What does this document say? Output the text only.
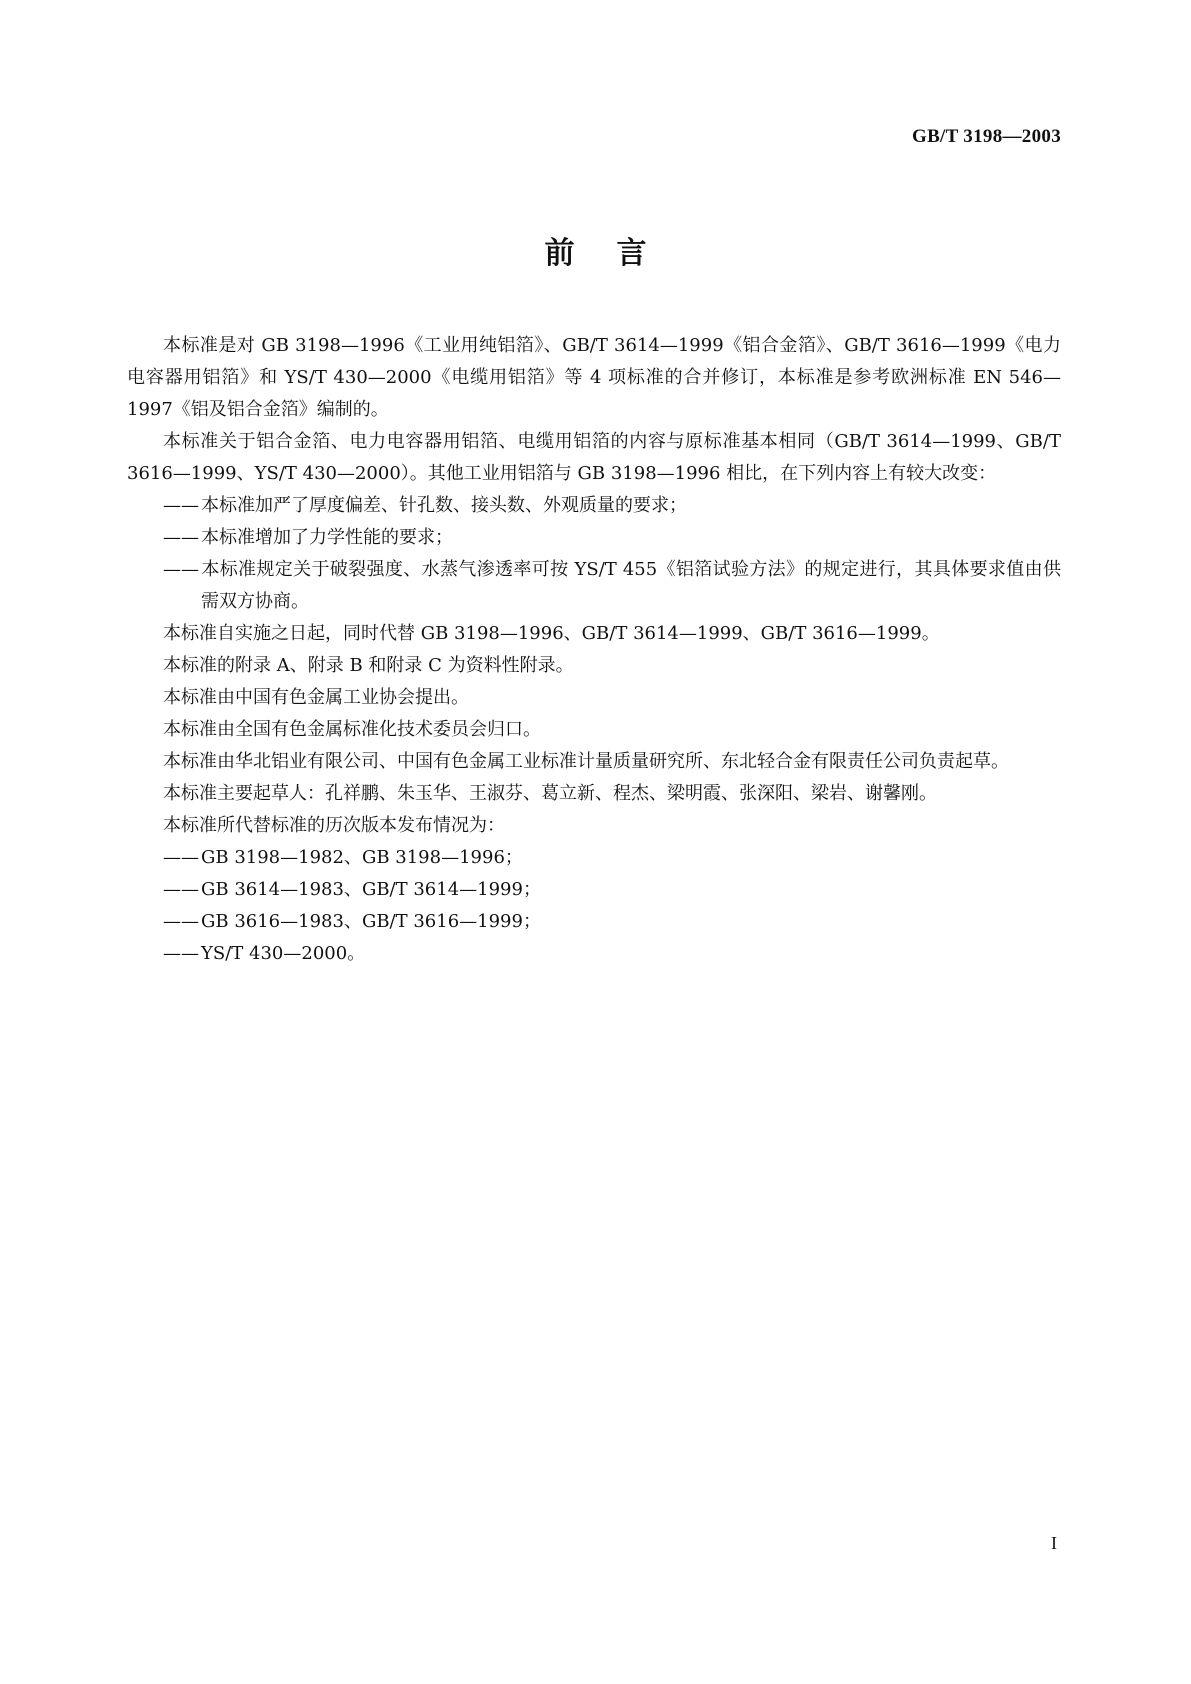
GB/T 3198—2003
前言

本标准是对 GB 3198—1996《工业用纯铝箔》、GB/T 3614—1999《铝合金箔》、GB/T 3616—1999《电力电容器用铝箔》和 YS/T 430—2000《电缆用铝箔》等 4 项标准的合并修订，本标准是参考欧洲标准 EN 546—1997《铝及铝合金箔》编制的。

本标准关于铝合金箔、电力电容器用铝箔、电缆用铝箔的内容与原标准基本相同（GB/T 3614—1999、GB/T 3616—1999、YS/T 430—2000）。其他工业用铝箔与 GB 3198—1996 相比，在下列内容上有较大改变：

—— 本标准加严了厚度偏差、针孔数、接头数、外观质量的要求；

—— 本标准增加了力学性能的要求；

—— 本标准规定关于破裂强度、水蒸气渗透率可按 YS/T 455《铝箔试验方法》的规定进行，其具体要求值由供需双方协商。

本标准自实施之日起，同时代替 GB 3198—1996、GB/T 3614—1999、GB/T 3616—1999。

本标准的附录 A、附录 B 和附录 C 为资料性附录。

本标准由中国有色金属工业协会提出。

本标准由全国有色金属标准化技术委员会归口。

本标准由华北铝业有限公司、中国有色金属工业标准计量质量研究所、东北轻合金有限责任公司负责起草。

本标准主要起草人：孔祥鹏、朱玉华、王淑芬、葛立新、程杰、梁明霞、张深阳、梁岩、谢馨刚。

本标准所代替标准的历次版本发布情况为：

—— GB 3198—1982、GB 3198—1996；

—— GB 3614—1983、GB/T 3614—1999；

—— GB 3616—1983、GB/T 3616—1999；

—— YS/T 430—2000。

I
